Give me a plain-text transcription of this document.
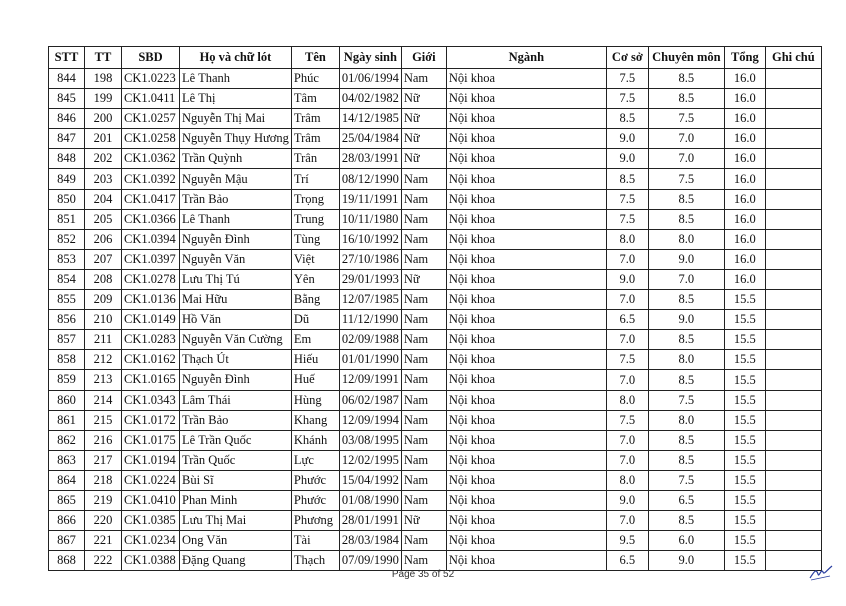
STT	TT	SBD	Họ và chữ lót	Tên	Ngày sinh	Giới	Ngành	Cơ sở	Chuyên môn	Tổng	Ghi chú
844	198	CK1.0223	Lê Thanh	Phúc	01/06/1994	Nam	Nội khoa	7.5	8.5	16.0	
845	199	CK1.0411	Lê Thị	Tâm	04/02/1982	Nữ	Nội khoa	7.5	8.5	16.0	
846	200	CK1.0257	Nguyễn Thị Mai	Trâm	14/12/1985	Nữ	Nội khoa	8.5	7.5	16.0	
847	201	CK1.0258	Nguyễn Thụy Hương	Trâm	25/04/1984	Nữ	Nội khoa	9.0	7.0	16.0	
848	202	CK1.0362	Trần Quỳnh	Trân	28/03/1991	Nữ	Nội khoa	9.0	7.0	16.0	
849	203	CK1.0392	Nguyễn Mậu	Trí	08/12/1990	Nam	Nội khoa	8.5	7.5	16.0	
850	204	CK1.0417	Trần Bảo	Trọng	19/11/1991	Nam	Nội khoa	7.5	8.5	16.0	
851	205	CK1.0366	Lê Thanh	Trung	10/11/1980	Nam	Nội khoa	7.5	8.5	16.0	
852	206	CK1.0394	Nguyễn Đình	Tùng	16/10/1992	Nam	Nội khoa	8.0	8.0	16.0	
853	207	CK1.0397	Nguyễn Văn	Việt	27/10/1986	Nam	Nội khoa	7.0	9.0	16.0	
854	208	CK1.0278	Lưu Thị Tú	Yên	29/01/1993	Nữ	Nội khoa	9.0	7.0	16.0	
855	209	CK1.0136	Mai Hữu	Bằng	12/07/1985	Nam	Nội khoa	7.0	8.5	15.5	
856	210	CK1.0149	Hồ Văn	Dũ	11/12/1990	Nam	Nội khoa	6.5	9.0	15.5	
857	211	CK1.0283	Nguyễn Văn Cường	Em	02/09/1988	Nam	Nội khoa	7.0	8.5	15.5	
858	212	CK1.0162	Thạch Út	Hiếu	01/01/1990	Nam	Nội khoa	7.5	8.0	15.5	
859	213	CK1.0165	Nguyễn Đình	Huế	12/09/1991	Nam	Nội khoa	7.0	8.5	15.5	
860	214	CK1.0343	Lâm Thái	Hùng	06/02/1987	Nam	Nội khoa	8.0	7.5	15.5	
861	215	CK1.0172	Trần Bảo	Khang	12/09/1994	Nam	Nội khoa	7.5	8.0	15.5	
862	216	CK1.0175	Lê Trần Quốc	Khánh	03/08/1995	Nam	Nội khoa	7.0	8.5	15.5	
863	217	CK1.0194	Trần Quốc	Lực	12/02/1995	Nam	Nội khoa	7.0	8.5	15.5	
864	218	CK1.0224	Bùi Sĩ	Phước	15/04/1992	Nam	Nội khoa	8.0	7.5	15.5	
865	219	CK1.0410	Phan Minh	Phước	01/08/1990	Nam	Nội khoa	9.0	6.5	15.5	
866	220	CK1.0385	Lưu Thị Mai	Phương	28/01/1991	Nữ	Nội khoa	7.0	8.5	15.5	
867	221	CK1.0234	Ong Văn	Tài	28/03/1984	Nam	Nội khoa	9.5	6.0	15.5	
868	222	CK1.0388	Đặng Quang	Thạch	07/09/1990	Nam	Nội khoa	6.5	9.0	15.5	
Page 35 of 52
